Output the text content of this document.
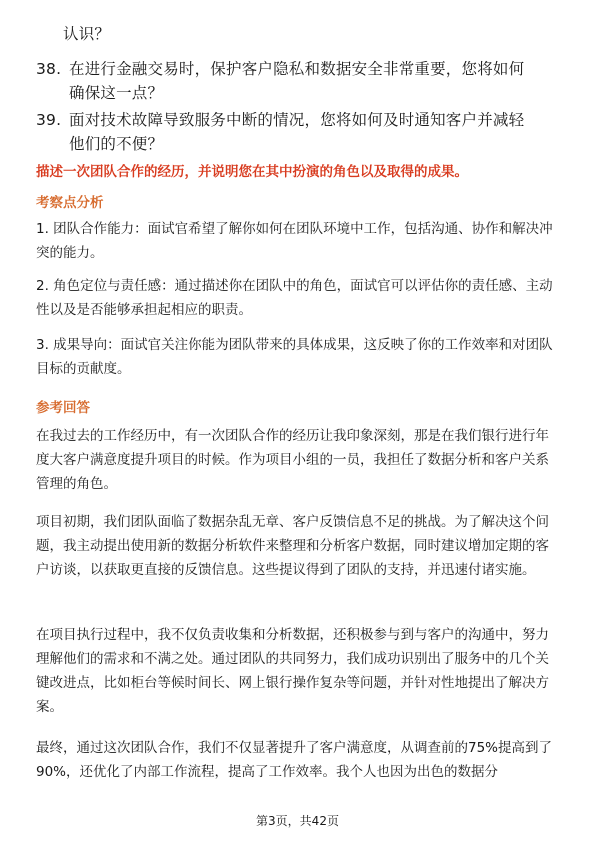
认识？
38. 在进行金融交易时，保护客户隐私和数据安全非常重要，您将如何确保这一点？
39. 面对技术故障导致服务中断的情况，您将如何及时通知客户并减轻他们的不便？
描述一次团队合作的经历，并说明您在其中扮演的角色以及取得的成果。
考察点分析
1. 团队合作能力：面试官希望了解你如何在团队环境中工作，包括沟通、协作和解决冲突的能力。
2. 角色定位与责任感：通过描述你在团队中的角色，面试官可以评估你的责任感、主动性以及是否能够承担起相应的职责。
3. 成果导向：面试官关注你能为团队带来的具体成果，这反映了你的工作效率和对团队目标的贡献度。
参考回答
在我过去的工作经历中，有一次团队合作的经历让我印象深刻，那是在我们银行进行年度大客户满意度提升项目的时候。作为项目小组的一员，我担任了数据分析和客户关系管理的角色。
项目初期，我们团队面临了数据杂乱无章、客户反馈信息不足的挑战。为了解决这个问题，我主动提出使用新的数据分析软件来整理和分析客户数据，同时建议增加定期的客户访谈，以获取更直接的反馈信息。这些提议得到了团队的支持，并迅速付诸实施。
在项目执行过程中，我不仅负责收集和分析数据，还积极参与到与客户的沟通中，努力理解他们的需求和不满之处。通过团队的共同努力，我们成功识别出了服务中的几个关键改进点，比如柜台等候时间长、网上银行操作复杂等问题，并针对性地提出了解决方案。
最终，通过这次团队合作，我们不仅显著提升了客户满意度，从调查前的75%提高到了90%，还优化了内部工作流程，提高了工作效率。我个人也因为出色的数据分
第3页，共42页
